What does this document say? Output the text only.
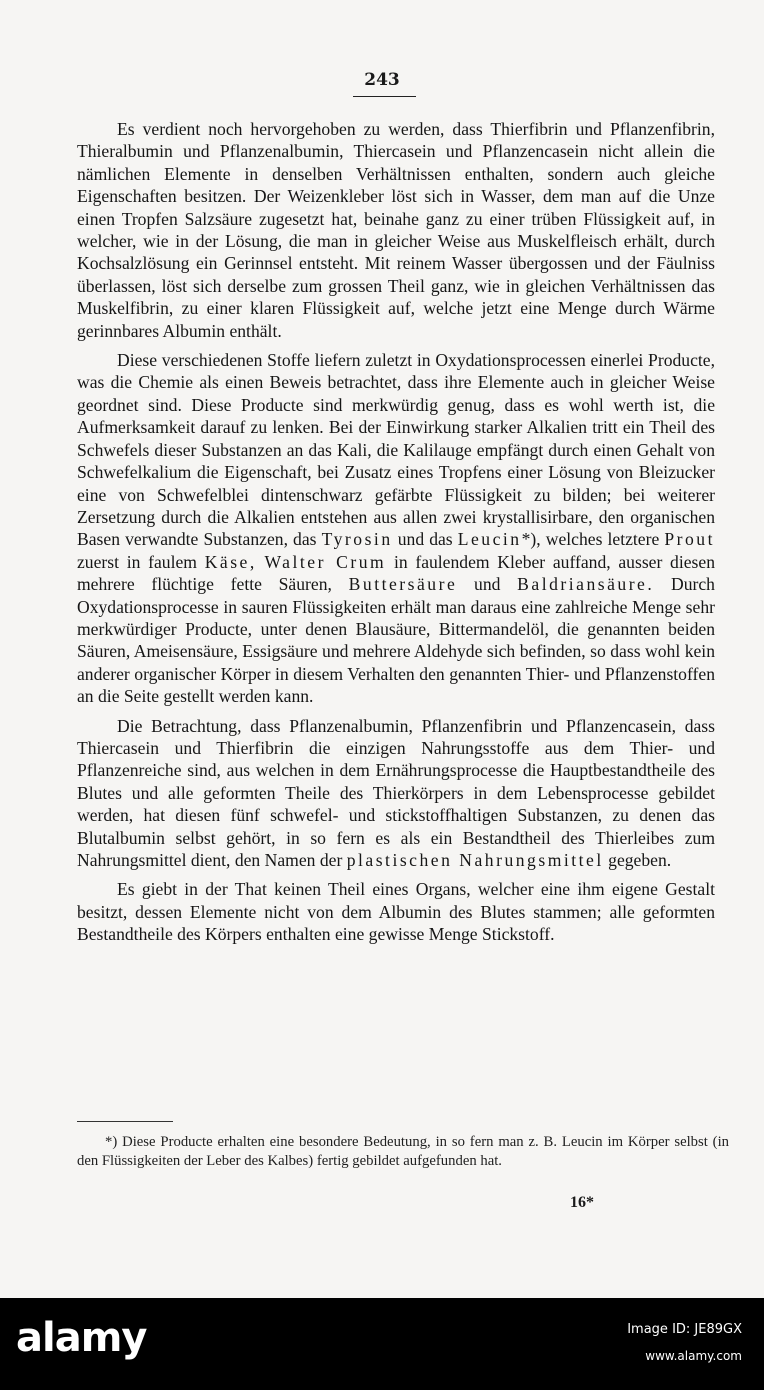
243

Es verdient noch hervorgehoben zu werden, dass Thierfibrin und Pflanzenfibrin, Thieralbumin und Pflanzenalbumin, Thiercasein und Pflanzencasein nicht allein die nämlichen Elemente in denselben Verhältnissen enthalten, sondern auch gleiche Eigenschaften besitzen. Der Weizenkleber löst sich in Wasser, dem man auf die Unze einen Tropfen Salzsäure zugesetzt hat, beinahe ganz zu einer trüben Flüssigkeit auf, in welcher, wie in der Lösung, die man in gleicher Weise aus Muskelfleisch erhält, durch Kochsalzlösung ein Gerinnsel entsteht. Mit reinem Wasser übergossen und der Fäulniss überlassen, löst sich derselbe zum grossen Theil ganz, wie in gleichen Verhältnissen das Muskelfibrin, zu einer klaren Flüssigkeit auf, welche jetzt eine Menge durch Wärme gerinnbares Albumin enthält.

Diese verschiedenen Stoffe liefern zuletzt in Oxydationsprocessen einerlei Producte, was die Chemie als einen Beweis betrachtet, dass ihre Elemente auch in gleicher Weise geordnet sind. Diese Producte sind merkwürdig genug, dass es wohl werth ist, die Aufmerksamkeit darauf zu lenken. Bei der Einwirkung starker Alkalien tritt ein Theil des Schwefels dieser Substanzen an das Kali, die Kalilauge empfängt durch einen Gehalt von Schwefelkalium die Eigenschaft, bei Zusatz eines Tropfens einer Lösung von Bleizucker eine von Schwefelblei dintenschwarz gefärbte Flüssigkeit zu bilden; bei weiterer Zersetzung durch die Alkalien entstehen aus allen zwei krystallisirbare, den organischen Basen verwandte Substanzen, das Tyrosin und das Leucin*), welches letztere Prout zuerst in faulem Käse, Walter Crum in faulendem Kleber auffand, ausser diesen mehrere flüchtige fette Säuren, Buttersäure und Baldriansäure. Durch Oxydationsprocesse in sauren Flüssigkeiten erhält man daraus eine zahlreiche Menge sehr merkwürdiger Producte, unter denen Blausäure, Bittermandelöl, die genannten beiden Säuren, Ameisensäure, Essigsäure und mehrere Aldehyde sich befinden, so dass wohl kein anderer organischer Körper in diesem Verhalten den genannten Thier- und Pflanzenstoffen an die Seite gestellt werden kann.

Die Betrachtung, dass Pflanzenalbumin, Pflanzenfibrin und Pflanzencasein, dass Thiercasein und Thierfibrin die einzigen Nahrungsstoffe aus dem Thier- und Pflanzenreiche sind, aus welchen in dem Ernährungsprocesse die Hauptbestandtheile des Blutes und alle geformten Theile des Thierkörpers in dem Lebensprocesse gebildet werden, hat diesen fünf schwefel- und stickstoffhaltigen Substanzen, zu denen das Blutalbumin selbst gehört, in so fern es als ein Bestandtheil des Thierleibes zum Nahrungsmittel dient, den Namen der plastischen Nahrungsmittel gegeben.

Es giebt in der That keinen Theil eines Organs, welcher eine ihm eigene Gestalt besitzt, dessen Elemente nicht von dem Albumin des Blutes stammen; alle geformten Bestandtheile des Körpers enthalten eine gewisse Menge Stickstoff.

*) Diese Producte erhalten eine besondere Bedeutung, in so fern man z. B. Leucin im Körper selbst (in den Flüssigkeiten der Leber des Kalbes) fertig gebildet aufgefunden hat.

16*
alamy	Image ID: JE89GX
www.alamy.com
